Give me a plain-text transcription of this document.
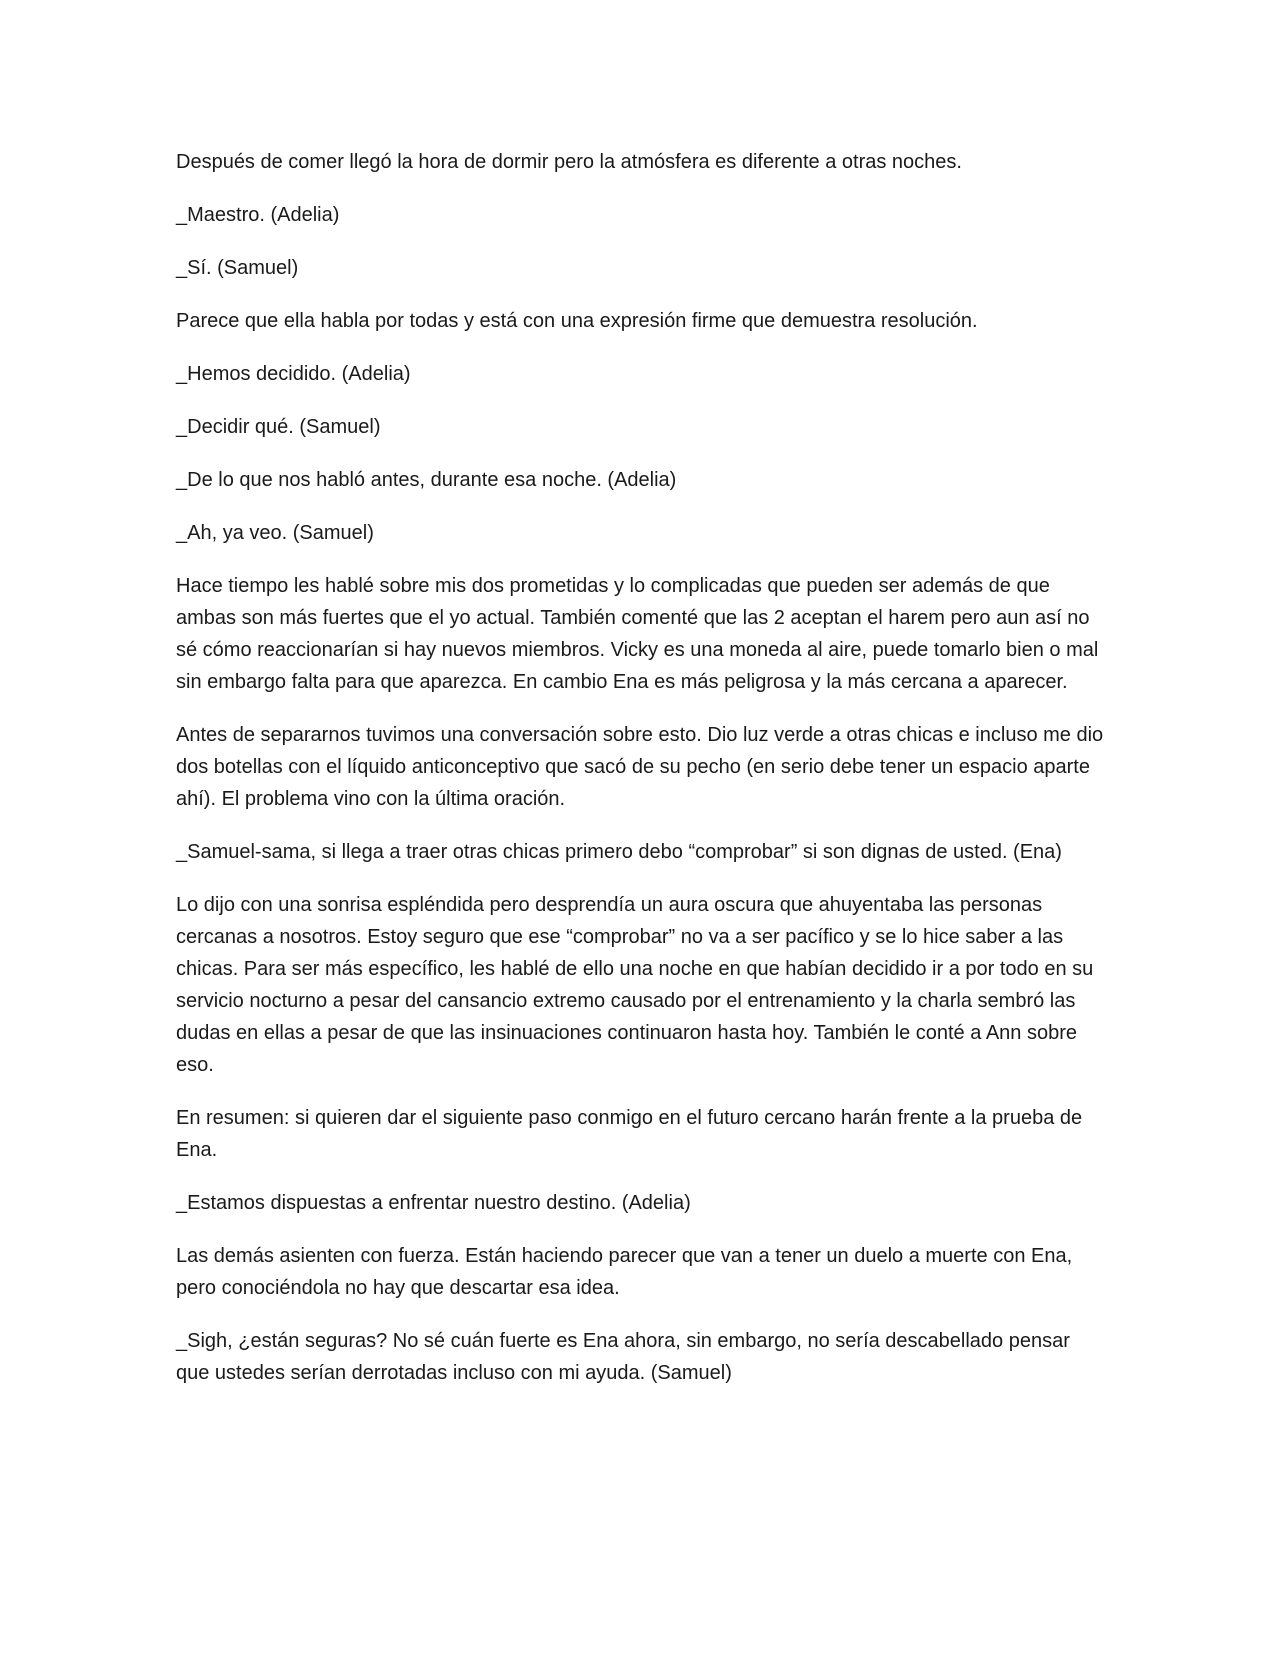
Después de comer llegó la hora de dormir pero la atmósfera es diferente a otras noches.

_Maestro. (Adelia)

_Sí. (Samuel)

Parece que ella habla por todas y está con una expresión firme que demuestra resolución.

_Hemos decidido. (Adelia)

_Decidir qué. (Samuel)

_De lo que nos habló antes, durante esa noche. (Adelia)

_Ah, ya veo. (Samuel)

Hace tiempo les hablé sobre mis dos prometidas y lo complicadas que pueden ser además de que ambas son más fuertes que el yo actual. También comenté que las 2 aceptan el harem pero aun así no sé cómo reaccionarían si hay nuevos miembros. Vicky es una moneda al aire, puede tomarlo bien o mal sin embargo falta para que aparezca. En cambio Ena es más peligrosa y la más cercana a aparecer.

Antes de separarnos tuvimos una conversación sobre esto. Dio luz verde a otras chicas e incluso me dio dos botellas con el líquido anticonceptivo que sacó de su pecho (en serio debe tener un espacio aparte ahí). El problema vino con la última oración.

_Samuel-sama, si llega a traer otras chicas primero debo “comprobar” si son dignas de usted. (Ena)

Lo dijo con una sonrisa espléndida pero desprendía un aura oscura que ahuyentaba las personas cercanas a nosotros. Estoy seguro que ese “comprobar” no va a ser pacífico y se lo hice saber a las chicas. Para ser más específico, les hablé de ello una noche en que habían decidido ir a por todo en su servicio nocturno a pesar del cansancio extremo causado por el entrenamiento y la charla sembró las dudas en ellas a pesar de que las insinuaciones continuaron hasta hoy. También le conté a Ann sobre eso.

En resumen: si quieren dar el siguiente paso conmigo en el futuro cercano harán frente a la prueba de Ena.

_Estamos dispuestas a enfrentar nuestro destino. (Adelia)

Las demás asienten con fuerza. Están haciendo parecer que van a tener un duelo a muerte con Ena, pero conociéndola no hay que descartar esa idea.

_Sigh, ¿están seguras? No sé cuán fuerte es Ena ahora, sin embargo, no sería descabellado pensar que ustedes serían derrotadas incluso con mi ayuda. (Samuel)
